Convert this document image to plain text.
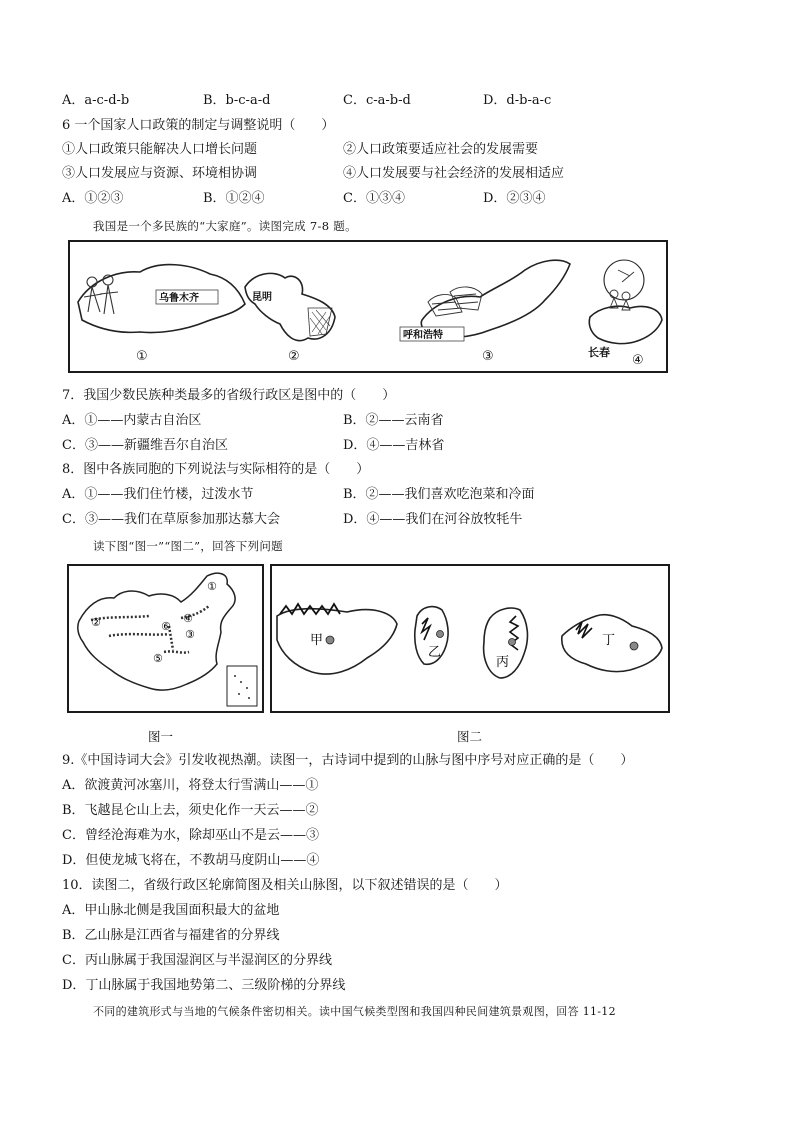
A．a-c-d-b	B．b-c-a-d	C．c-a-b-d	D．d-b-a-c
6 一个国家人口政策的制定与调整说明（　　）
①人口政策只能解决人口增长问题	②人口政策要适应社会的发展需要
③人口发展应与资源、环境相协调	④人口发展要与社会经济的发展相适应
A．①②③	B．①②④	C．①③④	D．②③④
我国是一个多民族的“大家庭”。读图完成 7-8 题。
乌鲁木齐
①
昆明
②
呼和浩特
③	长春
④
7．我国少数民族种类最多的省级行政区是图中的（　　）
A．①——内蒙古自治区	B．②——云南省
C．③——新疆维吾尔自治区	D．④——吉林省
8．图中各族同胞的下列说法与实际相符的是（　　）
A．①——我们住竹楼，过泼水节	B．②——我们喜欢吃泡菜和冷面
C．③——我们在草原参加那达慕大会	D．④——我们在河谷放牧牦牛
读下图“图一”“图二”，回答下列问题
①
②
③
④
⑤
⑥
甲
乙
丙
丁
图一	图二
9.《中国诗词大会》引发收视热潮。读图一，古诗词中提到的山脉与图中序号对应正确的是（　　）
A．欲渡黄河冰塞川，将登太行雪满山——①
B．飞越昆仑山上去，须史化作一天云——②
C．曾经沧海难为水，除却巫山不是云——③
D．但使龙城飞将在，不教胡马度阴山——④
10．读图二，省级行政区轮廓简图及相关山脉图，以下叙述错误的是（　　）
A．甲山脉北侧是我国面积最大的盆地
B．乙山脉是江西省与福建省的分界线
C．丙山脉属于我国湿润区与半湿润区的分界线
D．丁山脉属于我国地势第二、三级阶梯的分界线
不同的建筑形式与当地的气候条件密切相关。读中国气候类型图和我国四种民间建筑景观图，回答 11-12
